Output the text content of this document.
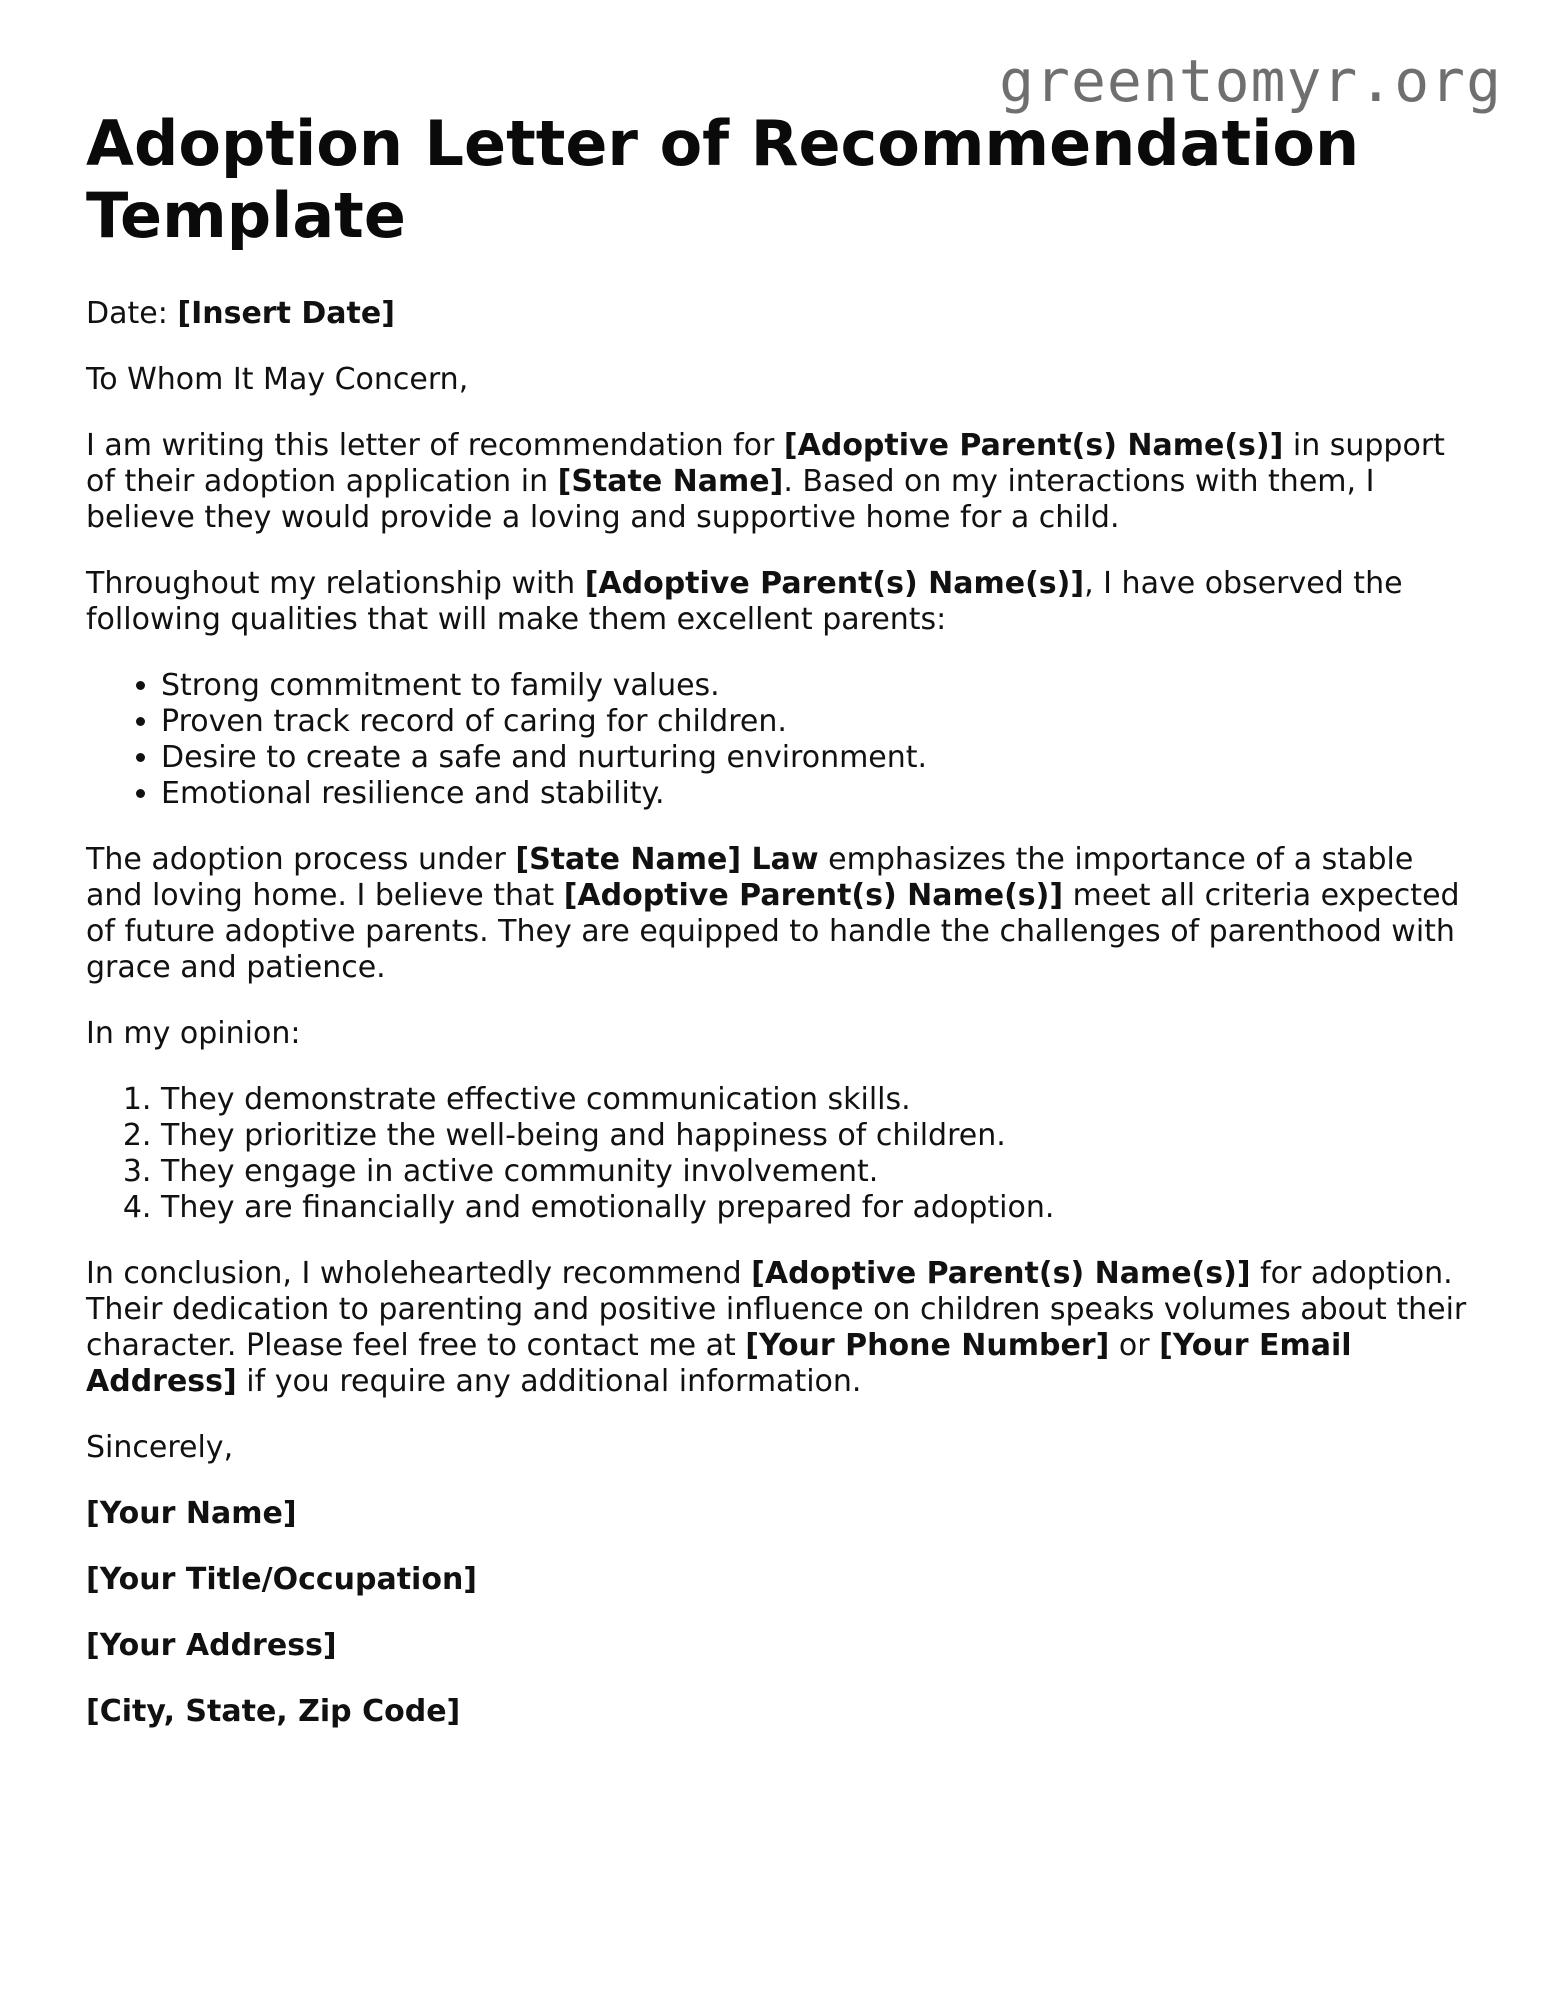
greentomyr.org
Adoption Letter of Recommendation Template

Date: [Insert Date]

To Whom It May Concern,

I am writing this letter of recommendation for [Adoptive Parent(s) Name(s)] in support of their adoption application in [State Name]. Based on my interactions with them, I believe they would provide a loving and supportive home for a child.

Throughout my relationship with [Adoptive Parent(s) Name(s)], I have observed the following qualities that will make them excellent parents:

• Strong commitment to family values.
• Proven track record of caring for children.
• Desire to create a safe and nurturing environment.
• Emotional resilience and stability.

The adoption process under [State Name] Law emphasizes the importance of a stable and loving home. I believe that [Adoptive Parent(s) Name(s)] meet all criteria expected of future adoptive parents. They are equipped to handle the challenges of parenthood with grace and patience.

In my opinion:

1. They demonstrate effective communication skills.
2. They prioritize the well-being and happiness of children.
3. They engage in active community involvement.
4. They are financially and emotionally prepared for adoption.

In conclusion, I wholeheartedly recommend [Adoptive Parent(s) Name(s)] for adoption. Their dedication to parenting and positive influence on children speaks volumes about their character. Please feel free to contact me at [Your Phone Number] or [Your Email Address] if you require any additional information.

Sincerely,

[Your Name]

[Your Title/Occupation]

[Your Address]

[City, State, Zip Code]
